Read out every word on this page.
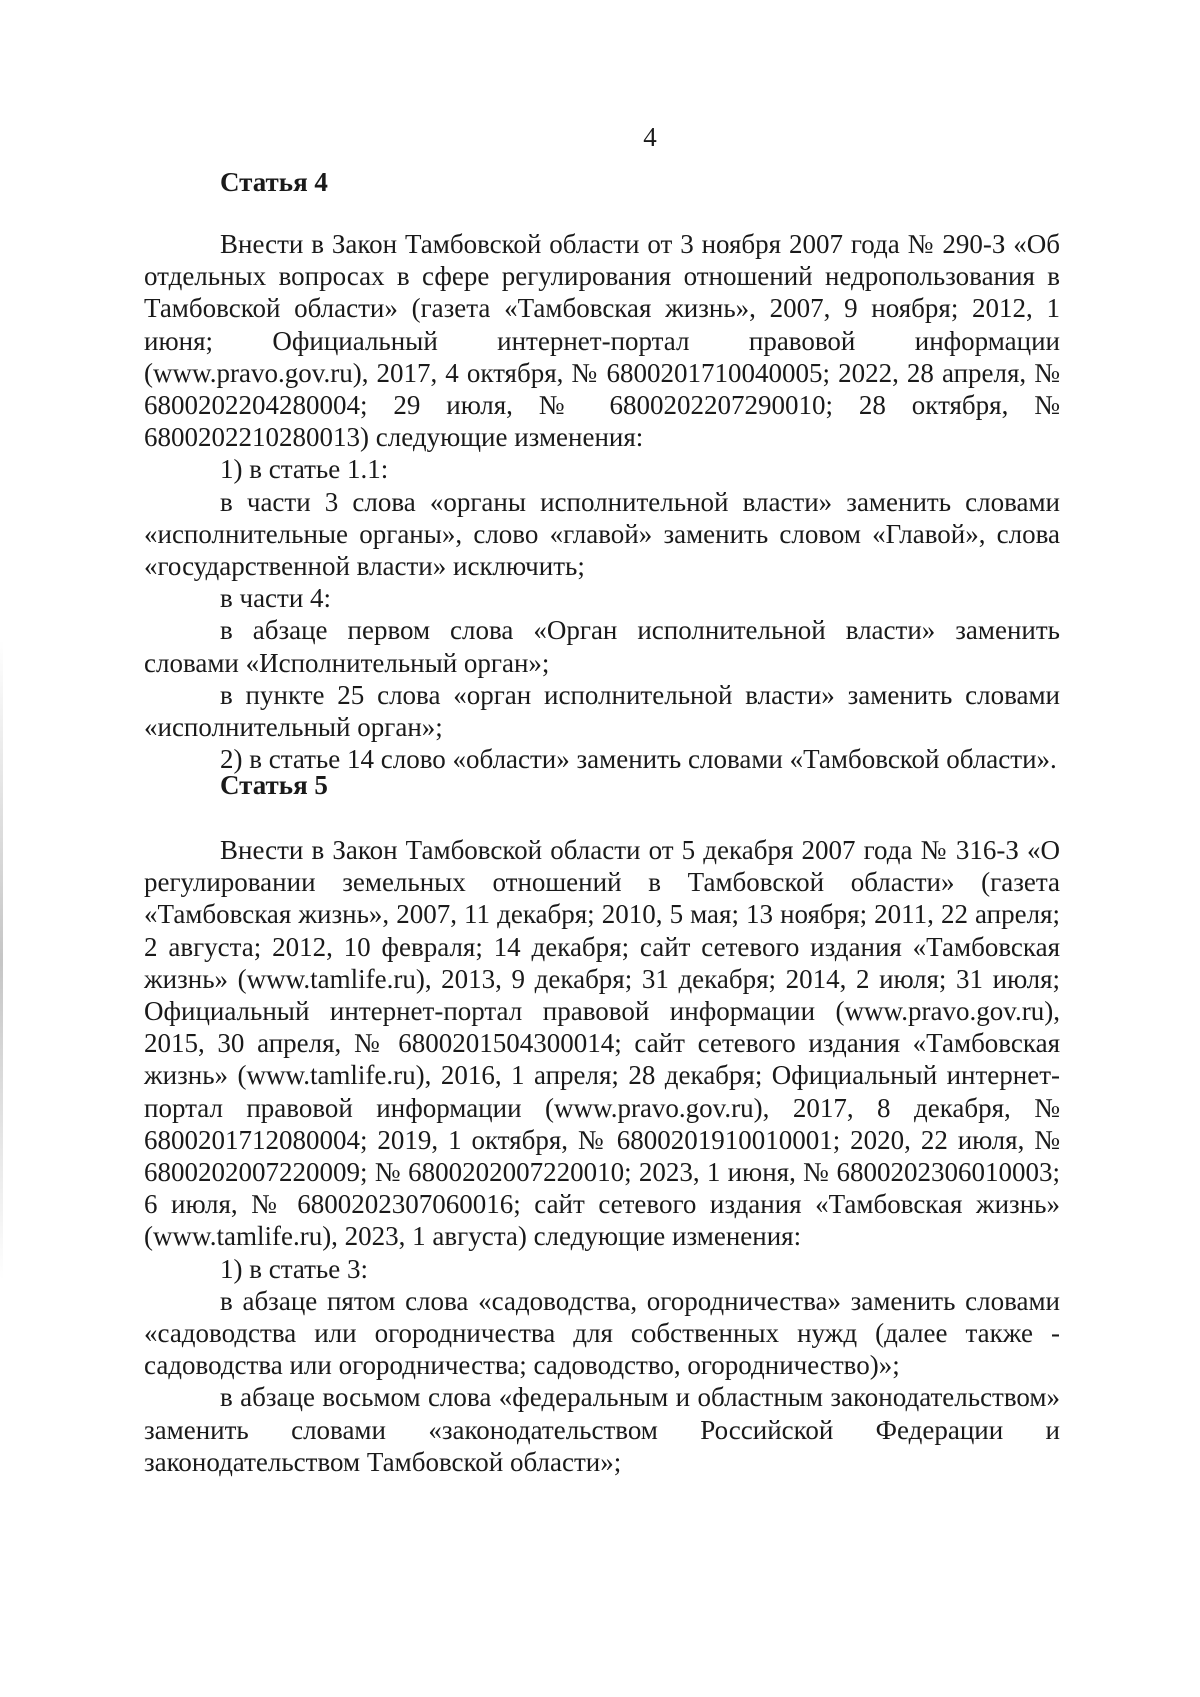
4
Статья 4

Внести в Закон Тамбовской области от 3 ноября 2007 года № 290-З «Об отдельных вопросах в сфере регулирования отношений недропользования в Тамбовской области» (газета «Тамбовская жизнь», 2007, 9 ноября; 2012, 1 июня; Официальный интернет-портал правовой информации (www.pravo.gov.ru), 2017, 4 октября, № 6800201710040005; 2022, 28 апреля, № 6800202204280004; 29 июля, № 6800202207290010; 28 октября, № 6800202210280013) следующие изменения:

1) в статье 1.1:

в части 3 слова «органы исполнительной власти» заменить словами «исполнительные органы», слово «главой» заменить словом «Главой», слова «государственной власти» исключить;

в части 4:

в абзаце первом слова «Орган исполнительной власти» заменить словами «Исполнительный орган»;

в пункте 25 слова «орган исполнительной власти» заменить словами «исполнительный орган»;

2) в статье 14 слово «области» заменить словами «Тамбовской области».

Статья 5

Внести в Закон Тамбовской области от 5 декабря 2007 года № 316-З «О регулировании земельных отношений в Тамбовской области» (газета «Тамбовская жизнь», 2007, 11 декабря; 2010, 5 мая; 13 ноября; 2011, 22 апреля; 2 августа; 2012, 10 февраля; 14 декабря; сайт сетевого издания «Тамбовская жизнь» (www.tamlife.ru), 2013, 9 декабря; 31 декабря; 2014, 2 июля; 31 июля; Официальный интернет-портал правовой информации (www.pravo.gov.ru), 2015, 30 апреля, № 6800201504300014; сайт сетевого издания «Тамбовская жизнь» (www.tamlife.ru), 2016, 1 апреля; 28 декабря; Официальный интернет-портал правовой информации (www.pravo.gov.ru), 2017, 8 декабря, № 6800201712080004; 2019, 1 октября, № 6800201910010001; 2020, 22 июля, № 6800202007220009; № 6800202007220010; 2023, 1 июня, № 6800202306010003; 6 июля, № 6800202307060016; сайт сетевого издания «Тамбовская жизнь» (www.tamlife.ru), 2023, 1 августа) следующие изменения:

1) в статье 3:

в абзаце пятом слова «садоводства, огородничества» заменить словами «садоводства или огородничества для собственных нужд (далее также - садоводства или огородничества; садоводство, огородничество)»;

в абзаце восьмом слова «федеральным и областным законодательством» заменить словами «законодательством Российской Федерации и законодательством Тамбовской области»;
